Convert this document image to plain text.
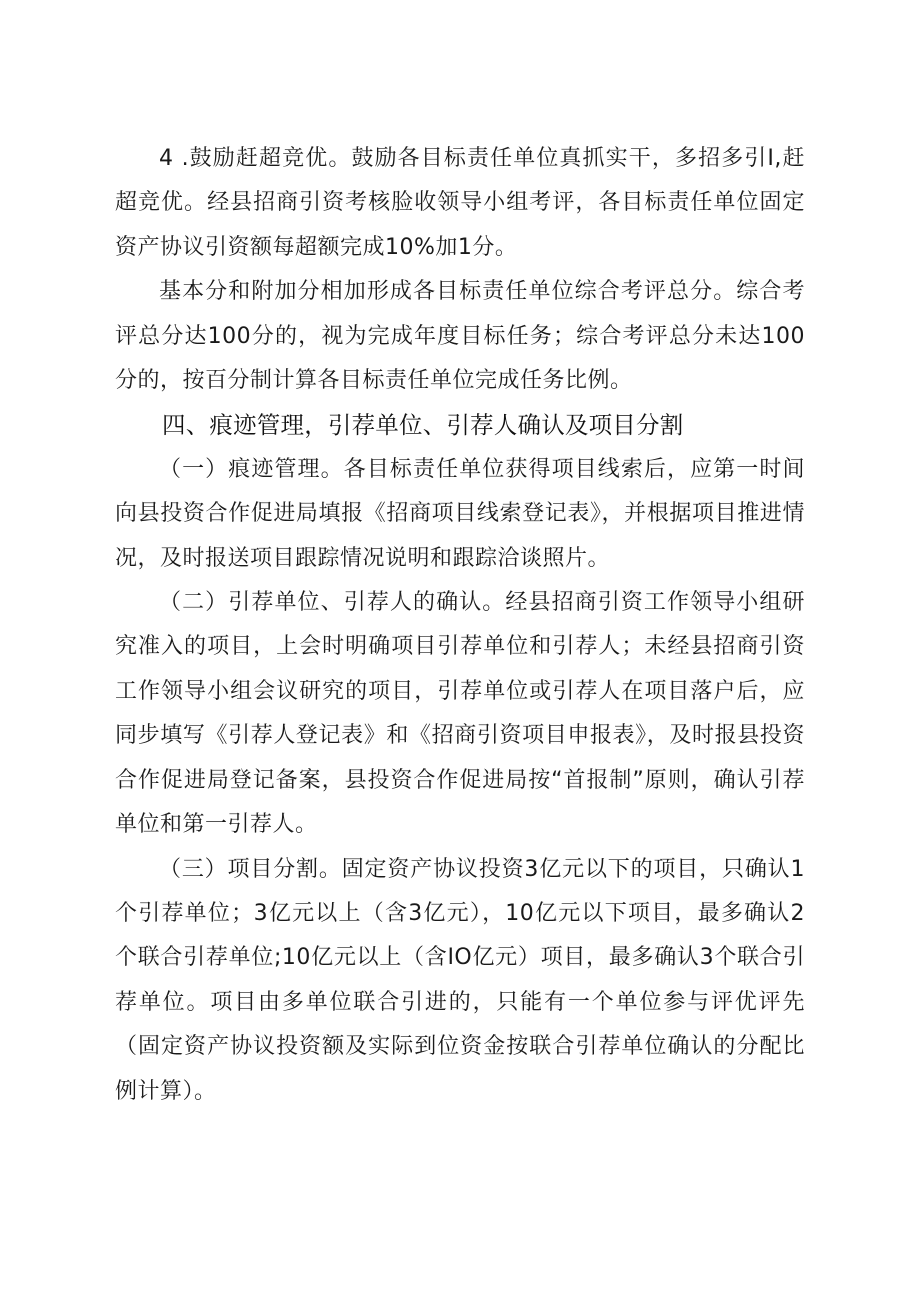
4 .鼓励赶超竞优。鼓励各目标责任单位真抓实干，多招多引I,赶超竞优。经县招商引资考核脸收领导小组考评，各目标责任单位固定资产协议引资额每超额完成10%加1分。

基本分和附加分相加形成各目标责任单位综合考评总分。综合考评总分达100分的，视为完成年度目标任务；综合考评总分未达100分的，按百分制计算各目标责任单位完成任务比例。

四、痕迹管理，引荐单位、引荐人确认及项目分割

（一）痕迹管理。各目标责任单位获得项目线索后，应第一时间向县投资合作促进局填报《招商项目线索登记表》，并根据项目推进情况，及时报送项目跟踪情况说明和跟踪洽谈照片。

（二）引荐单位、引荐人的确认。经县招商引资工作领导小组研究准入的项目，上会时明确项目引荐单位和引荐人；未经县招商引资工作领导小组会议研究的项目，引荐单位或引荐人在项目落户后，应同步填写《引荐人登记表》和《招商引资项目申报表》，及时报县投资合作促进局登记备案，县投资合作促进局按“首报制”原则，确认引荐单位和第一引荐人。

（三）项目分割。固定资产协议投资3亿元以下的项目，只确认1个引荐单位；3亿元以上（含3亿元），10亿元以下项目，最多确认2个联合引荐单位;10亿元以上（含IO亿元）项目，最多确认3个联合引荐单位。项目由多单位联合引进的，只能有一个单位参与评优评先（固定资产协议投资额及实际到位资金按联合引荐单位确认的分配比例计算）。
